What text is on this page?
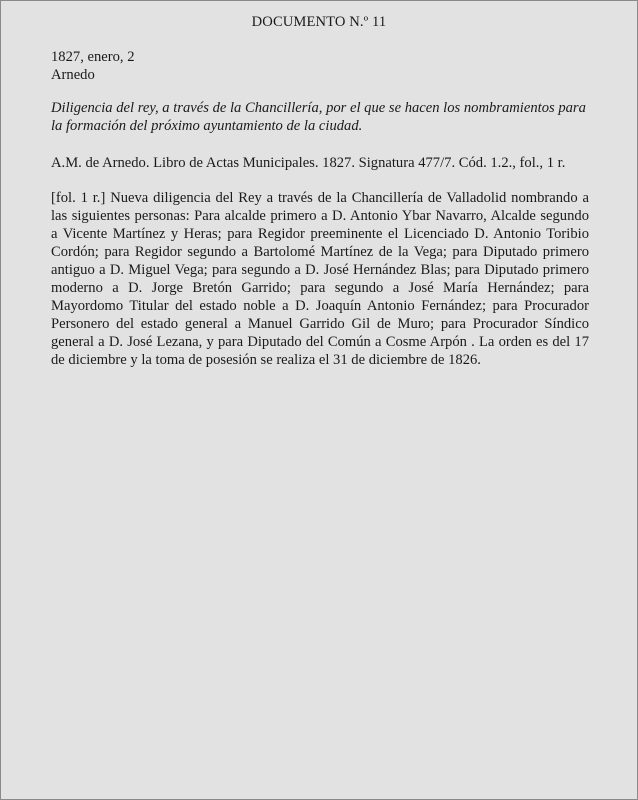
DOCUMENTO N.º 11
1827, enero, 2
Arnedo
Diligencia del rey, a través de la Chancillería, por el que se hacen los nombramientos para la formación del próximo ayuntamiento de la ciudad.
A.M. de Arnedo. Libro de Actas Municipales. 1827. Signatura 477/7. Cód. 1.2., fol., 1 r.
[fol. 1 r.] Nueva diligencia del Rey a través de la Chancillería de Valladolid nombrando a las siguientes personas: Para alcalde primero a D. Antonio Ybar Navarro, Alcalde segundo a Vicente Martínez y Heras; para Regidor preeminente el Licenciado D. Antonio Toribio Cordón; para Regidor segundo a Bartolomé Martínez de la Vega; para Diputado primero antiguo a D. Miguel Vega; para segundo a D. José Hernández Blas; para Diputado primero moderno a D. Jorge Bretón Garrido; para segundo a José María Hernández; para Mayordomo Titular del estado noble a D. Joaquín Antonio Fernández; para Procurador Personero del estado general a Manuel Garrido Gil de Muro; para Procurador Síndico general a D. José Lezana, y para Diputado del Común a Cosme Arpón . La orden es del 17 de diciembre y la toma de posesión se realiza el 31 de diciembre de 1826.
